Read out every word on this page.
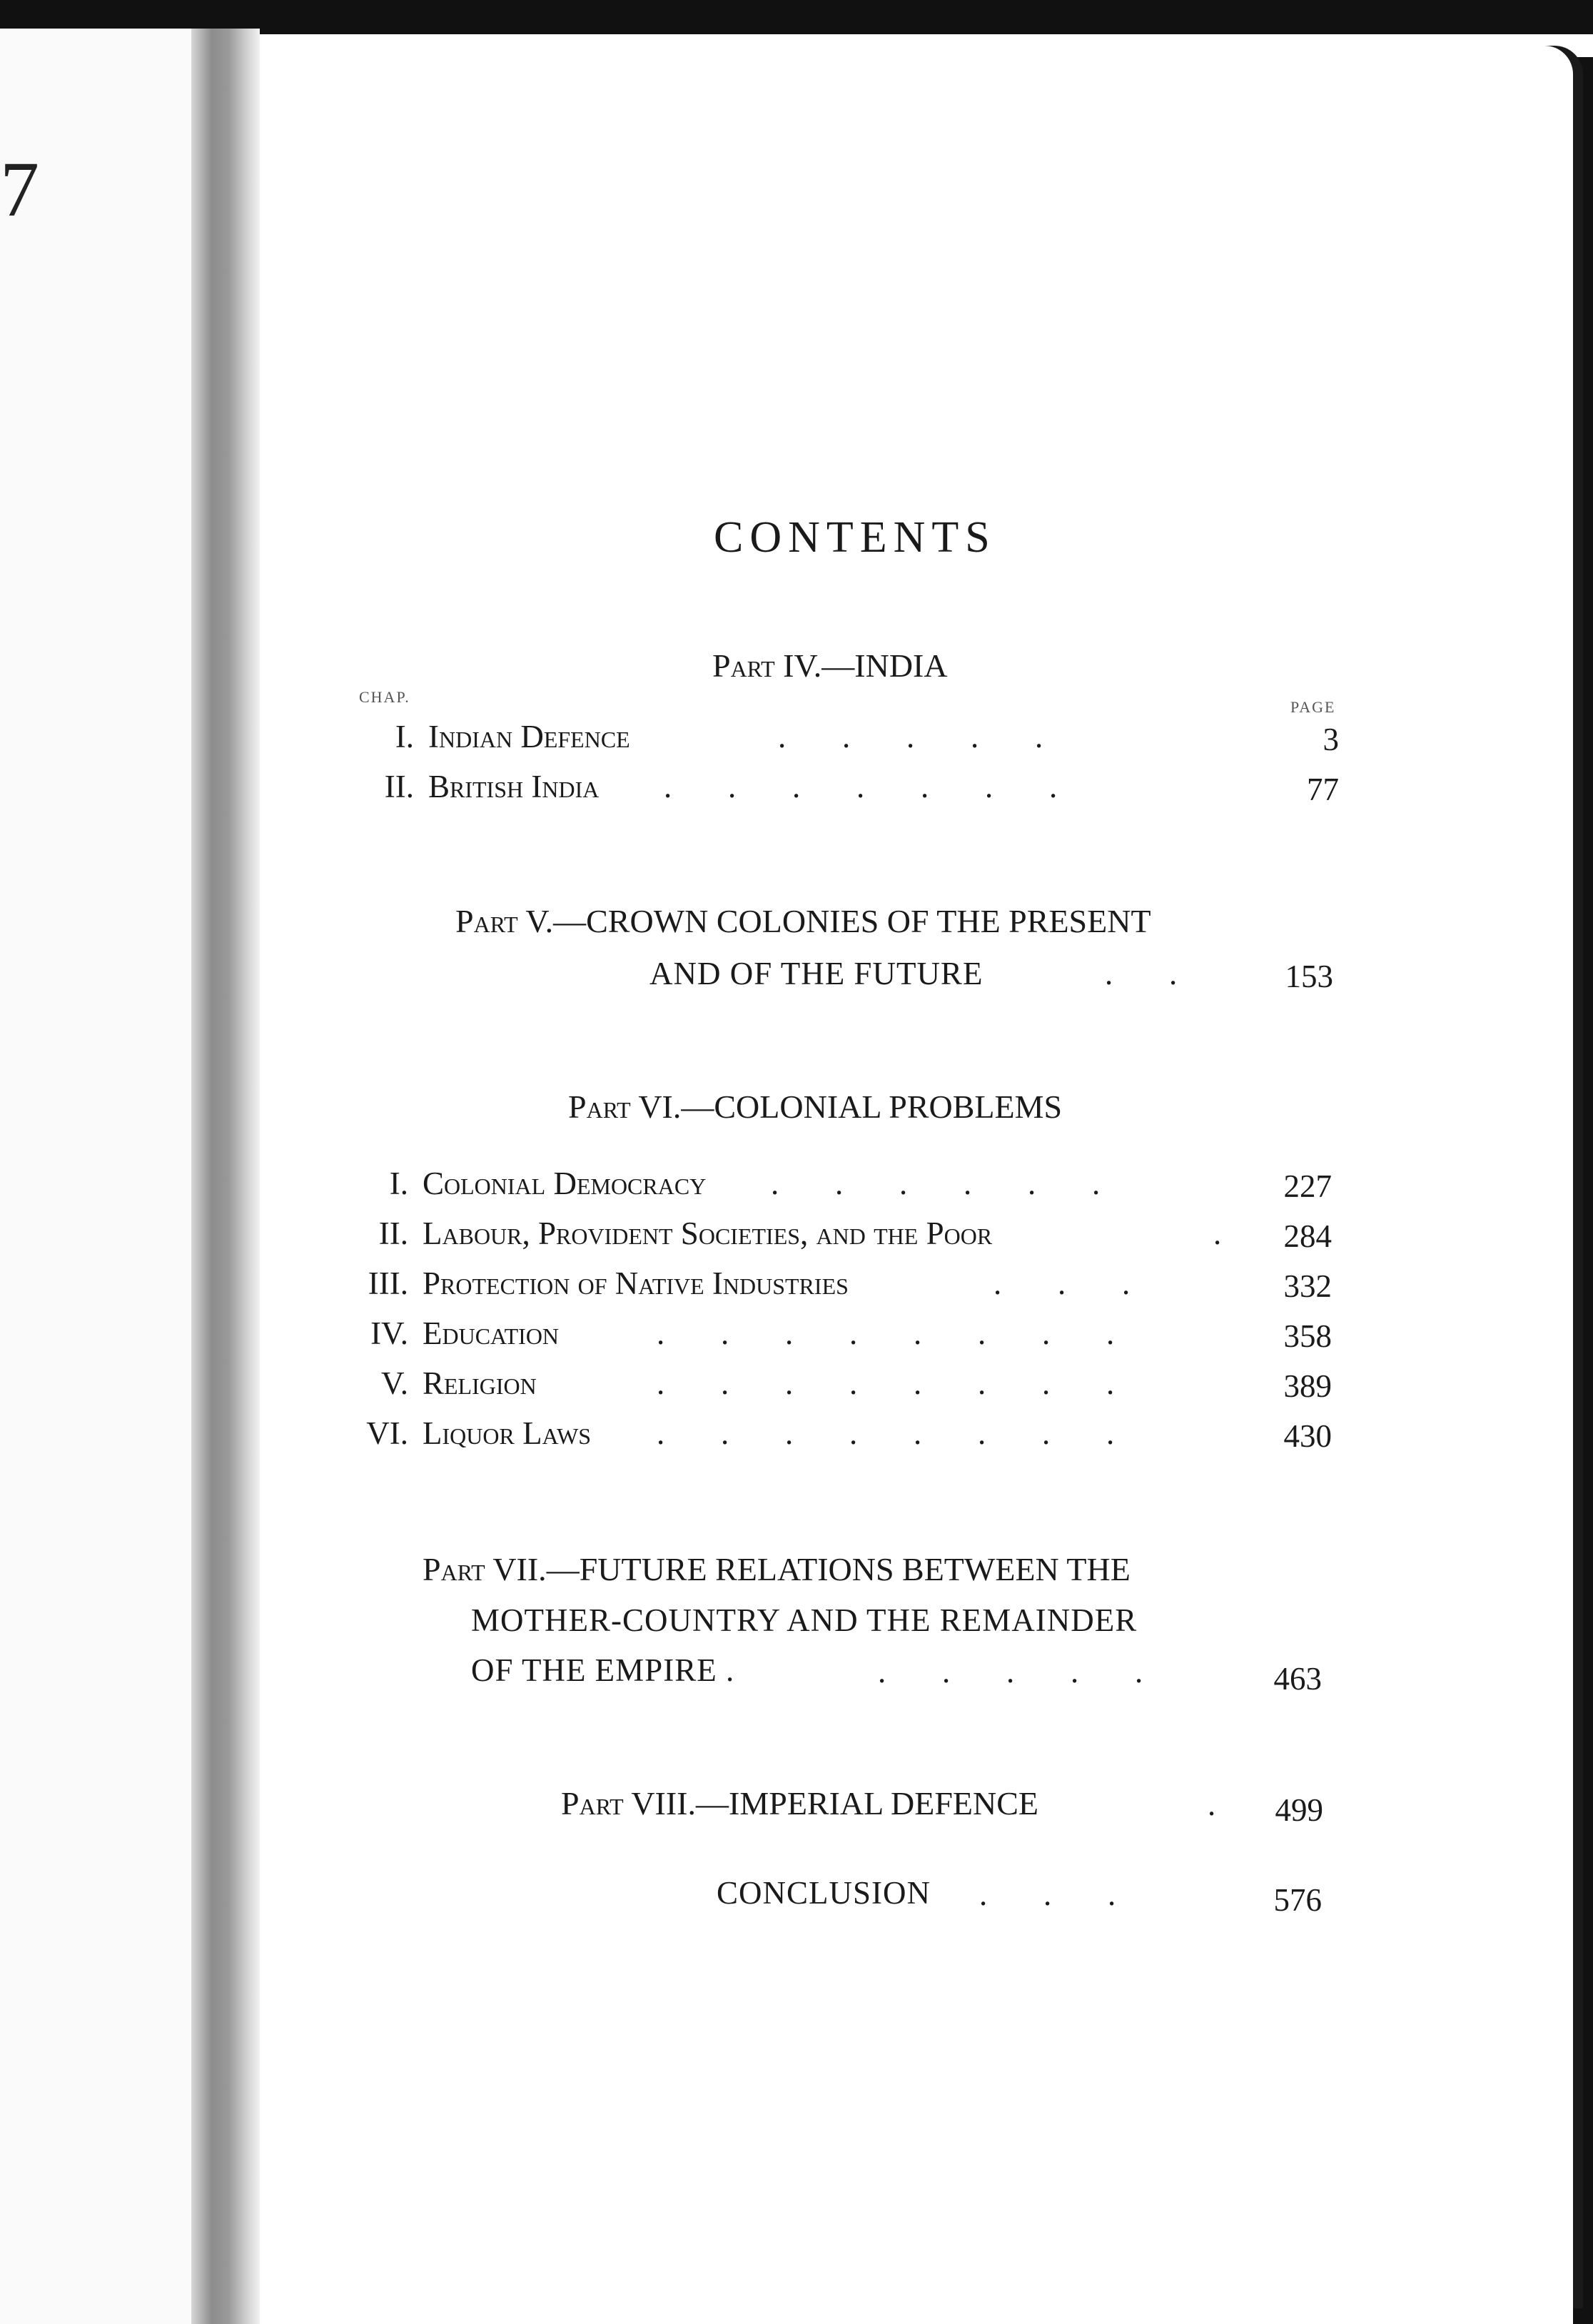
7
CONTENTS
Part IV.—INDIA
CHAP.
PAGE
I. Indian Defence	.       .       .       .       .	3
II. British India .       .       .       .       .       .       .	77
Part V.—CROWN COLONIES OF THE PRESENT
AND OF THE FUTURE	.       .	153
Part VI.—COLONIAL PROBLEMS
I. Colonial Democracy .       .       .       .       .       .	227
II. Labour, Provident Societies, and the Poor	.	284
III. Protection of Native Industries	.       .       .	332
IV. Education	.       .       .       .       .       .       .       .	358
V. Religion	.       .       .       .       .       .       .       .	389
VI. Liquor Laws .       .       .       .       .       .       .       .	430
Part VII.—FUTURE RELATIONS BETWEEN THE
MOTHER-COUNTRY AND THE REMAINDER
OF THE EMPIRE .	.       .       .       .       .	463
Part VIII.—IMPERIAL DEFENCE	.	499
CONCLUSION .       .       .	576
